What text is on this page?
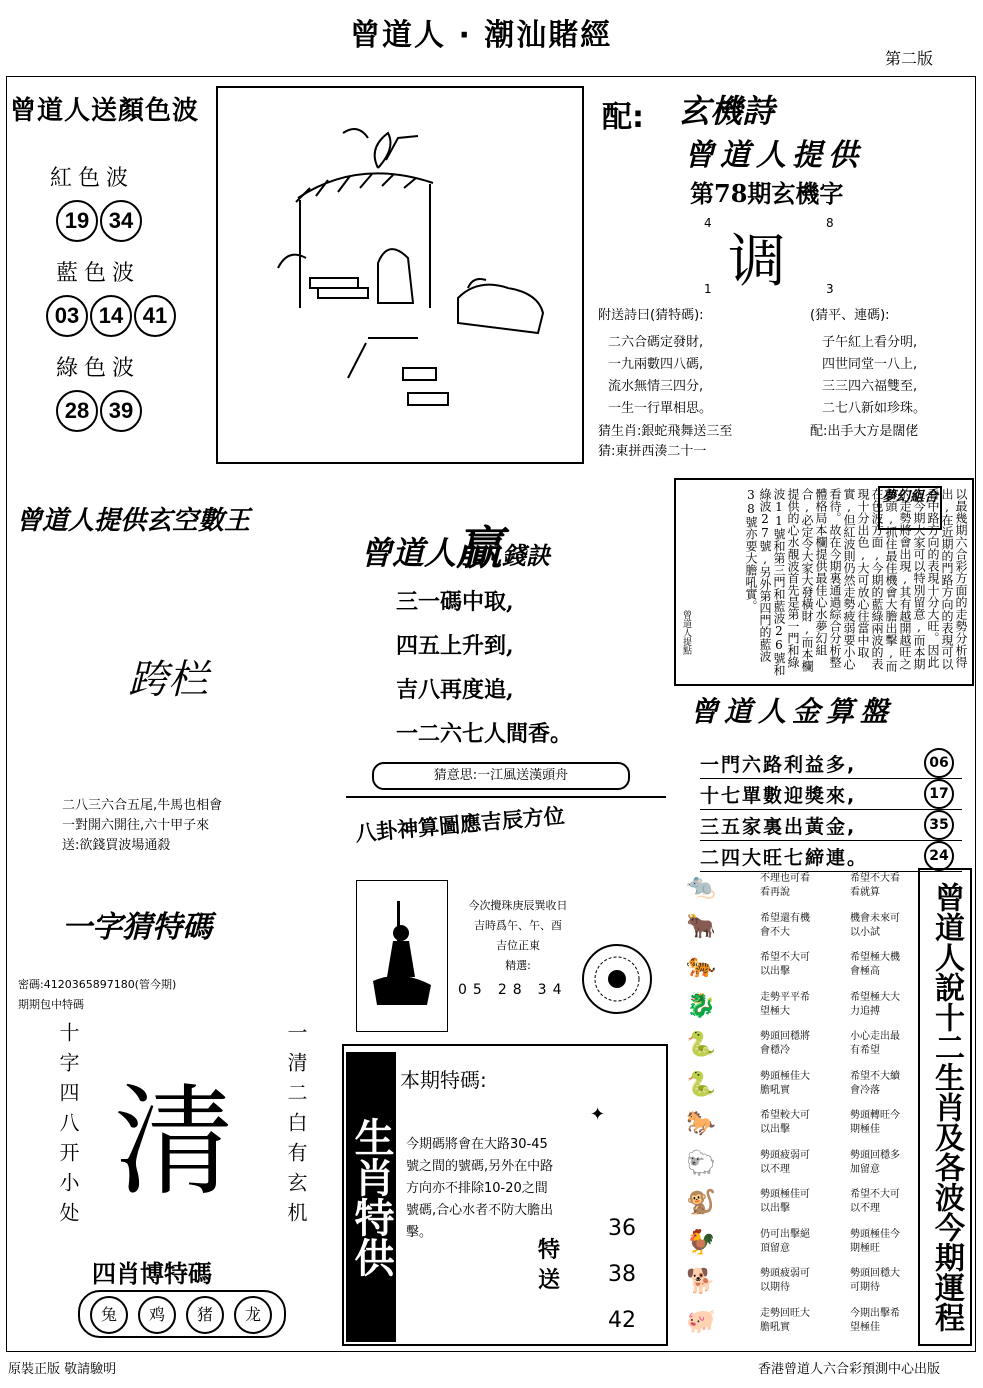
曾道人 · 潮汕賭經
第二版
曾道人送顏色波
紅色波
19 34
藍色波
03 14 41
綠色波
28 39
配: 玄機詩
曾道人提供
第78期玄機字
4	8
调
1	3
附送詩曰(猜特碼):	(猜平、連碼):
二六合碼定發財,
一九兩數四八碼,
流水無情三四分,
一生一行單相思。
子午紅上看分明,
四世同堂一八上,
三三四六福雙至,
二七八新如珍珠。
猜生肖:銀蛇飛舞送三至	配:出手大方是闊佬
猜:東拼西湊二十一
曾道人提供玄空數王
跨栏
二八三六合五尾,牛馬也相會
一對開六開往,六十甲子來
送:欲錢買波場通殺
曾道人贏錢訣
三一碼中取,
四五上升到,
吉八再度追,
一二六七人間香。
猜意思:一江風送漢頭舟
夢幻組合	以最幾期六合彩方面的走勢分析得出,在近期的門路方向的表現可以看中路方向的表現十分大旺。因此在今期大家可以特別留意,而本期的走勢將會出現,其有越開越旺之勢頭,抓住最佳機會大膽出擊,而在色波方面,今期的藍綠兩波的表現十分出色,大可放心往當中取實,但紅波則仍然走勢疲弱要小心看待。故在今期裏通過綜合分析整體格局本欄提供最佳心水夢幻組合,必定令大家大發橫財,而本欄提供的心水靚波首先是第一門和綠波11號和第三門和藍波26號和綠波27號,另外第四門的藍波38號亦要大膽吼實。
曾道人提點
曾道人金算盤
一門六路利益多,	06
十七單數迎獎來,	17
三五家裏出黃金,	35
二四大旺七締連。	24
一字猜特碼
密碼:4120365897180(管今期)
期期包中特碼
十字四八开小处 清	一清二白有玄机
四肖博特碼
兔	鸡	猪	龙
八卦神算圖應吉辰方位
今次攪珠庚辰巽收日
吉時爲午、午、酉
吉位正東
精選:
05 28 34
生肖特供
本期特碼:
✦
今期碼將會在大路30-45號之間的號碼,另外在中路方向亦不排除10-20之間號碼,合心水者不防大膽出擊。
特送
36
38
42
🐀	不理也可看看再說
希望不大看看就算
🐂	希望還有機會不大
機會未來可以小試
🐅	希望不大可以出擊
希望極大機會極高
🐉	走勢平平希望極大
希望極大大力追搏
🐍	勢頭回穩將會穩冷
小心走出最有希望
🐍	勢頭極佳大膽吼實
希望不大續會冷落
🐎	希望較大可以出擊
勢頭轉旺今期極佳
🐑	勢頭疲弱可以不理
勢頭回穩多加留意
🐒	勢頭極佳可以出擊
希望不大可以不理
🐓	仍可出擊絕頂留意
勢頭極佳今期極旺
🐕	勢頭疲弱可以期待
勢頭回穩大可期待
🐖	走勢回旺大膽吼實
今期出擊希望極佳	曾道人說十二生肖及各波今期運程
原裝正版 敬請驗明	香港曾道人六合彩預測中心出版
